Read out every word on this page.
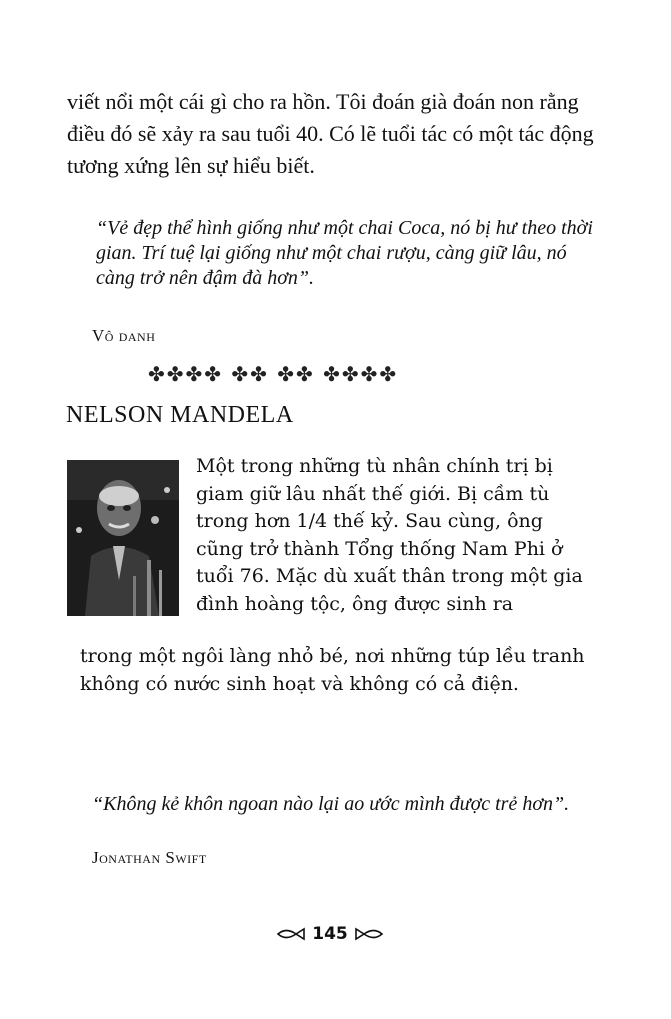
viết nổi một cái gì cho ra hồn. Tôi đoán già đoán non rằng điều đó sẽ xảy ra sau tuổi 40. Có lẽ tuổi tác có một tác động tương xứng lên sự hiểu biết.

“Vẻ đẹp thể hình giống như một chai Coca, nó bị hư theo thời gian. Trí tuệ lại giống như một chai rượu, càng giữ lâu, nó càng trở nên đậm đà hơn”.

Vô danh
✤✤✤✤ ✤✤ ✤✤ ✤✤✤✤
NELSON MANDELA

Một trong những tù nhân chính trị bị giam giữ lâu nhất thế giới. Bị cầm tù trong hơn 1/4 thế kỷ. Sau cùng, ông cũng trở thành Tổng thống Nam Phi ở tuổi 76. Mặc dù xuất thân trong một gia đình hoàng tộc, ông được sinh ra

trong một ngôi làng nhỏ bé, nơi những túp lều tranh không có nước sinh hoạt và không có cả điện.

“Không kẻ khôn ngoan nào lại ao ước mình được trẻ hơn”.

Jonathan Swift
145
